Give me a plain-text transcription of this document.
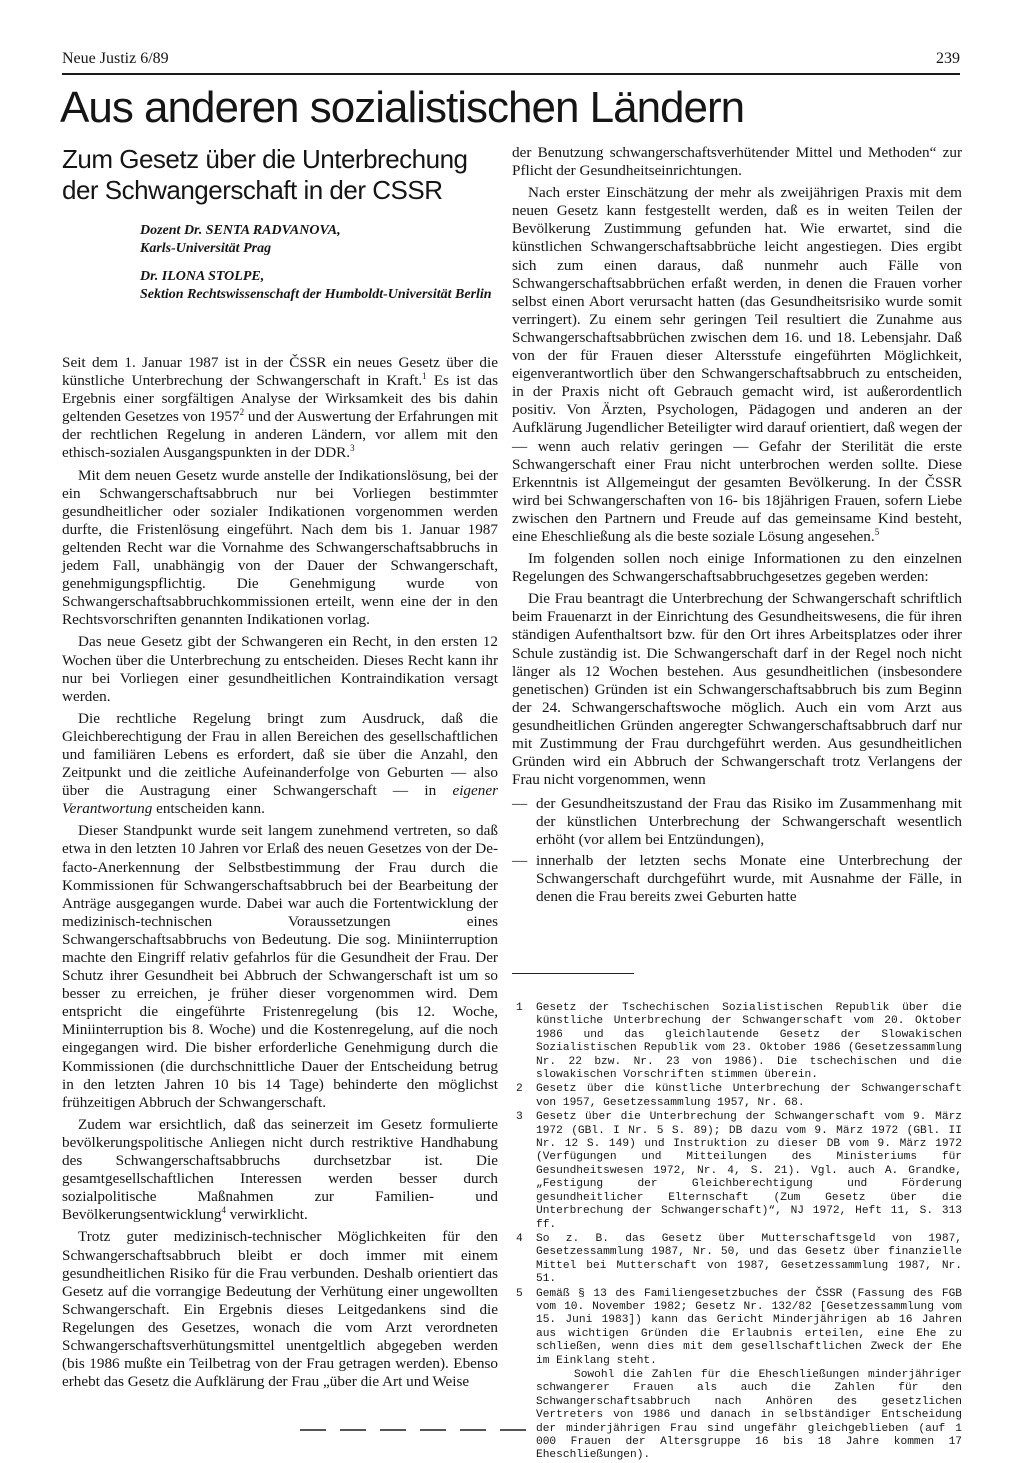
Neue Justiz 6/89	239
Aus anderen sozialistischen Ländern
Zum Gesetz über die Unterbrechung
der Schwangerschaft in der CSSR
Dozent Dr. SENTA RADVANOVA,
Karls-Universität Prag
Dr. ILONA STOLPE,
Sektion Rechtswissenschaft der Humboldt-Universität Berlin

Seit dem 1. Januar 1987 ist in der ČSSR ein neues Gesetz über die künstliche Unterbrechung der Schwangerschaft in Kraft.$^1$ Es ist das Ergebnis einer sorgfältigen Analyse der Wirksamkeit des bis dahin geltenden Gesetzes von 1957$^2$ und der Auswertung der Erfahrungen mit der rechtlichen Regelung in anderen Ländern, vor allem mit den ethisch-sozialen Ausgangspunkten in der DDR.$^3$

Mit dem neuen Gesetz wurde anstelle der Indikationslösung, bei der ein Schwangerschaftsabbruch nur bei Vorliegen bestimmter gesundheitlicher oder sozialer Indikationen vorgenommen werden durfte, die Fristenlösung eingeführt. Nach dem bis 1. Januar 1987 geltenden Recht war die Vornahme des Schwangerschaftsabbruchs in jedem Fall, unabhängig von der Dauer der Schwangerschaft, genehmigungspflichtig. Die Genehmigung wurde von Schwangerschaftsabbruchkommissionen erteilt, wenn eine der in den Rechtsvorschriften genannten Indikationen vorlag.

Das neue Gesetz gibt der Schwangeren ein Recht, in den ersten 12 Wochen über die Unterbrechung zu entscheiden. Dieses Recht kann ihr nur bei Vorliegen einer gesundheitlichen Kontraindikation versagt werden.

Die rechtliche Regelung bringt zum Ausdruck, daß die Gleichberechtigung der Frau in allen Bereichen des gesellschaftlichen und familiären Lebens es erfordert, daß sie über die Anzahl, den Zeitpunkt und die zeitliche Aufeinanderfolge von Geburten — also über die Austragung einer Schwangerschaft — in eigener Verantwortung entscheiden kann.

Dieser Standpunkt wurde seit langem zunehmend vertreten, so daß etwa in den letzten 10 Jahren vor Erlaß des neuen Gesetzes von der De-facto-Anerkennung der Selbstbestimmung der Frau durch die Kommissionen für Schwangerschaftsabbruch bei der Bearbeitung der Anträge ausgegangen wurde. Dabei war auch die Fortentwicklung der medizinisch-technischen Voraussetzungen eines Schwangerschaftsabbruchs von Bedeutung. Die sog. Miniinterruption machte den Eingriff relativ gefahrlos für die Gesundheit der Frau. Der Schutz ihrer Gesundheit bei Abbruch der Schwangerschaft ist um so besser zu erreichen, je früher dieser vorgenommen wird. Dem entspricht die eingeführte Fristenregelung (bis 12. Woche, Miniinterruption bis 8. Woche) und die Kostenregelung, auf die noch eingegangen wird. Die bisher erforderliche Genehmigung durch die Kommissionen (die durchschnittliche Dauer der Entscheidung betrug in den letzten Jahren 10 bis 14 Tage) behinderte den möglichst frühzeitigen Abbruch der Schwangerschaft.

Zudem war ersichtlich, daß das seinerzeit im Gesetz formulierte bevölkerungspolitische Anliegen nicht durch restriktive Handhabung des Schwangerschaftsabbruchs durchsetzbar ist. Die gesamtgesellschaftlichen Interessen werden besser durch sozialpolitische Maßnahmen zur Familien- und Bevölkerungsentwicklung$^4$ verwirklicht.

Trotz guter medizinisch-technischer Möglichkeiten für den Schwangerschaftsabbruch bleibt er doch immer mit einem gesundheitlichen Risiko für die Frau verbunden. Deshalb orientiert das Gesetz auf die vorrangige Bedeutung der Verhütung einer ungewollten Schwangerschaft. Ein Ergebnis dieses Leitgedankens sind die Regelungen des Gesetzes, wonach die vom Arzt verordneten Schwangerschaftsverhütungsmittel unentgeltlich abgegeben werden (bis 1986 mußte ein Teilbetrag von der Frau getragen werden). Ebenso erhebt das Gesetz die Aufklärung der Frau „über die Art und Weise

der Benutzung schwangerschaftsverhütender Mittel und Methoden“ zur Pflicht der Gesundheitseinrichtungen.

Nach erster Einschätzung der mehr als zweijährigen Praxis mit dem neuen Gesetz kann festgestellt werden, daß es in weiten Teilen der Bevölkerung Zustimmung gefunden hat. Wie erwartet, sind die künstlichen Schwangerschaftsabbrüche leicht angestiegen. Dies ergibt sich zum einen daraus, daß nunmehr auch Fälle von Schwangerschaftsabbrüchen erfaßt werden, in denen die Frauen vorher selbst einen Abort verursacht hatten (das Gesundheitsrisiko wurde somit verringert). Zu einem sehr geringen Teil resultiert die Zunahme aus Schwangerschaftsabbrüchen zwischen dem 16. und 18. Lebensjahr. Daß von der für Frauen dieser Altersstufe eingeführten Möglichkeit, eigenverantwortlich über den Schwangerschaftsabbruch zu entscheiden, in der Praxis nicht oft Gebrauch gemacht wird, ist außerordentlich positiv. Von Ärzten, Psychologen, Pädagogen und anderen an der Aufklärung Jugendlicher Beteiligter wird darauf orientiert, daß wegen der — wenn auch relativ geringen — Gefahr der Sterilität die erste Schwangerschaft einer Frau nicht unterbrochen werden sollte. Diese Erkenntnis ist Allgemeingut der gesamten Bevölkerung. In der ČSSR wird bei Schwangerschaften von 16- bis 18jährigen Frauen, sofern Liebe zwischen den Partnern und Freude auf das gemeinsame Kind besteht, eine Eheschließung als die beste soziale Lösung angesehen.$^5$

Im folgenden sollen noch einige Informationen zu den einzelnen Regelungen des Schwangerschaftsabbruchgesetzes gegeben werden:

Die Frau beantragt die Unterbrechung der Schwangerschaft schriftlich beim Frauenarzt in der Einrichtung des Gesundheitswesens, die für ihren ständigen Aufenthaltsort bzw. für den Ort ihres Arbeitsplatzes oder ihrer Schule zuständig ist. Die Schwangerschaft darf in der Regel noch nicht länger als 12 Wochen bestehen. Aus gesundheitlichen (insbesondere genetischen) Gründen ist ein Schwangerschaftsabbruch bis zum Beginn der 24. Schwangerschaftswoche möglich. Auch ein vom Arzt aus gesundheitlichen Gründen angeregter Schwangerschaftsabbruch darf nur mit Zustimmung der Frau durchgeführt werden. Aus gesundheitlichen Gründen wird ein Abbruch der Schwangerschaft trotz Verlangens der Frau nicht vorgenommen, wenn

— der Gesundheitszustand der Frau das Risiko im Zusammenhang mit der künstlichen Unterbrechung der Schwangerschaft wesentlich erhöht (vor allem bei Entzündungen),
— innerhalb der letzten sechs Monate eine Unterbrechung der Schwangerschaft durchgeführt wurde, mit Ausnahme der Fälle, in denen die Frau bereits zwei Geburten hatte
1 Gesetz der Tschechischen Sozialistischen Republik über die künstliche Unterbrechung der Schwangerschaft vom 20. Oktober 1986 und das gleichlautende Gesetz der Slowakischen Sozialistischen Republik vom 23. Oktober 1986 (Gesetzessammlung Nr. 22 bzw. Nr. 23 von 1986). Die tschechischen und die slowakischen Vorschriften stimmen überein.
2 Gesetz über die künstliche Unterbrechung der Schwangerschaft von 1957, Gesetzessammlung 1957, Nr. 68.
3 Gesetz über die Unterbrechung der Schwangerschaft vom 9. März 1972 (GBl. I Nr. 5 S. 89); DB dazu vom 9. März 1972 (GBl. II Nr. 12 S. 149) und Instruktion zu dieser DB vom 9. März 1972 (Verfügungen und Mitteilungen des Ministeriums für Gesundheitswesen 1972, Nr. 4, S. 21). Vgl. auch A. Grandke, „Festigung der Gleichberechtigung und Förderung gesundheitlicher Elternschaft (Zum Gesetz über die Unterbrechung der Schwangerschaft)“, NJ 1972, Heft 11, S. 313 ff.
4 So z. B. das Gesetz über Mutterschaftsgeld von 1987, Gesetzessammlung 1987, Nr. 50, und das Gesetz über finanzielle Mittel bei Mutterschaft von 1987, Gesetzessammlung 1987, Nr. 51.
5 Gemäß § 13 des Familiengesetzbuches der ČSSR (Fassung des FGB vom 10. November 1982; Gesetz Nr. 132/82 [Gesetzessammlung vom 15. Juni 1983]) kann das Gericht Minderjährigen ab 16 Jahren aus wichtigen Gründen die Erlaubnis erteilen, eine Ehe zu schließen, wenn dies mit dem gesellschaftlichen Zweck der Ehe im Einklang steht.
Sowohl die Zahlen für die Eheschließungen minderjähriger schwangerer Frauen als auch die Zahlen für den Schwangerschaftsabbruch nach Anhören des gesetzlichen Vertreters von 1986 und danach in selbständiger Entscheidung der minderjährigen Frau sind ungefähr gleichgeblieben (auf 1 000 Frauen der Altersgruppe 16 bis 18 Jahre kommen 17 Eheschließungen).
